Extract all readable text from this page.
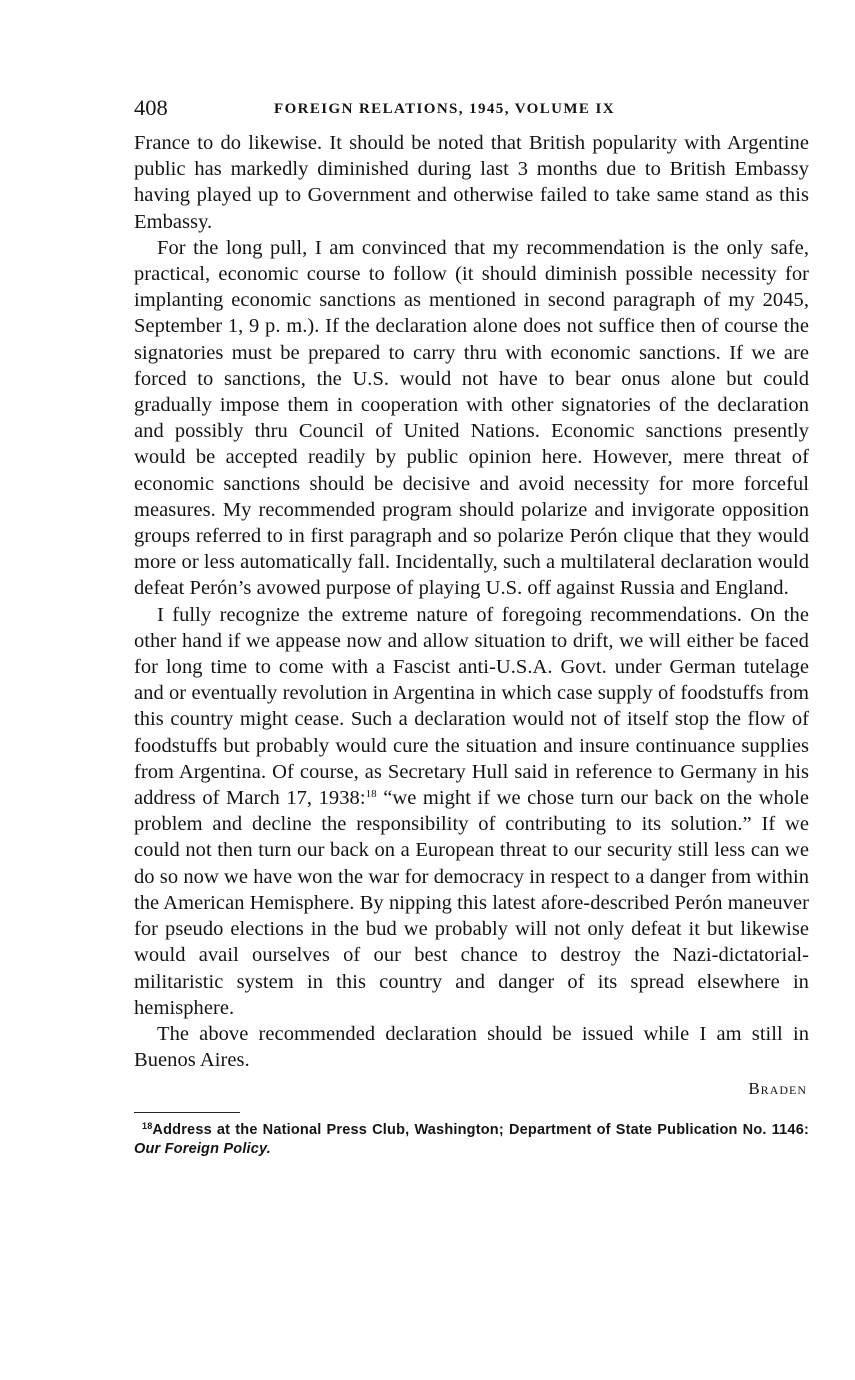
408	FOREIGN RELATIONS, 1945, VOLUME IX

France to do likewise. It should be noted that British popularity with Argentine public has markedly diminished during last 3 months due to British Embassy having played up to Government and otherwise failed to take same stand as this Embassy.

For the long pull, I am convinced that my recommendation is the only safe, practical, economic course to follow (it should diminish possible necessity for implanting economic sanctions as mentioned in second paragraph of my 2045, September 1, 9 p. m.). If the declaration alone does not suffice then of course the signatories must be prepared to carry thru with economic sanctions. If we are forced to sanctions, the U.S. would not have to bear onus alone but could gradually impose them in cooperation with other signatories of the declaration and possibly thru Council of United Nations. Economic sanctions presently would be accepted readily by public opinion here. However, mere threat of economic sanctions should be decisive and avoid necessity for more forceful measures. My recommended program should polarize and invigorate opposition groups referred to in first paragraph and so polarize Perón clique that they would more or less automatically fall. Incidentally, such a multilateral declaration would defeat Perón’s avowed purpose of playing U.S. off against Russia and England.

I fully recognize the extreme nature of foregoing recommendations. On the other hand if we appease now and allow situation to drift, we will either be faced for long time to come with a Fascist anti-U.S.A. Govt. under German tutelage and or eventually revolution in Argentina in which case supply of foodstuffs from this country might cease. Such a declaration would not of itself stop the flow of foodstuffs but probably would cure the situation and insure continuance supplies from Argentina. Of course, as Secretary Hull said in reference to Germany in his address of March 17, 1938:$^{18}$ “we might if we chose turn our back on the whole problem and decline the responsibility of contributing to its solution.” If we could not then turn our back on a European threat to our security still less can we do so now we have won the war for democracy in respect to a danger from within the American Hemisphere. By nipping this latest afore-described Perón maneuver for pseudo elections in the bud we probably will not only defeat it but likewise would avail ourselves of our best chance to destroy the Nazi-dictatorial-militaristic system in this country and danger of its spread elsewhere in hemisphere.

The above recommended declaration should be issued while I am still in Buenos Aires.

Braden
$^{18}$Address at the National Press Club, Washington; Department of State Publication No. 1146: Our Foreign Policy.
